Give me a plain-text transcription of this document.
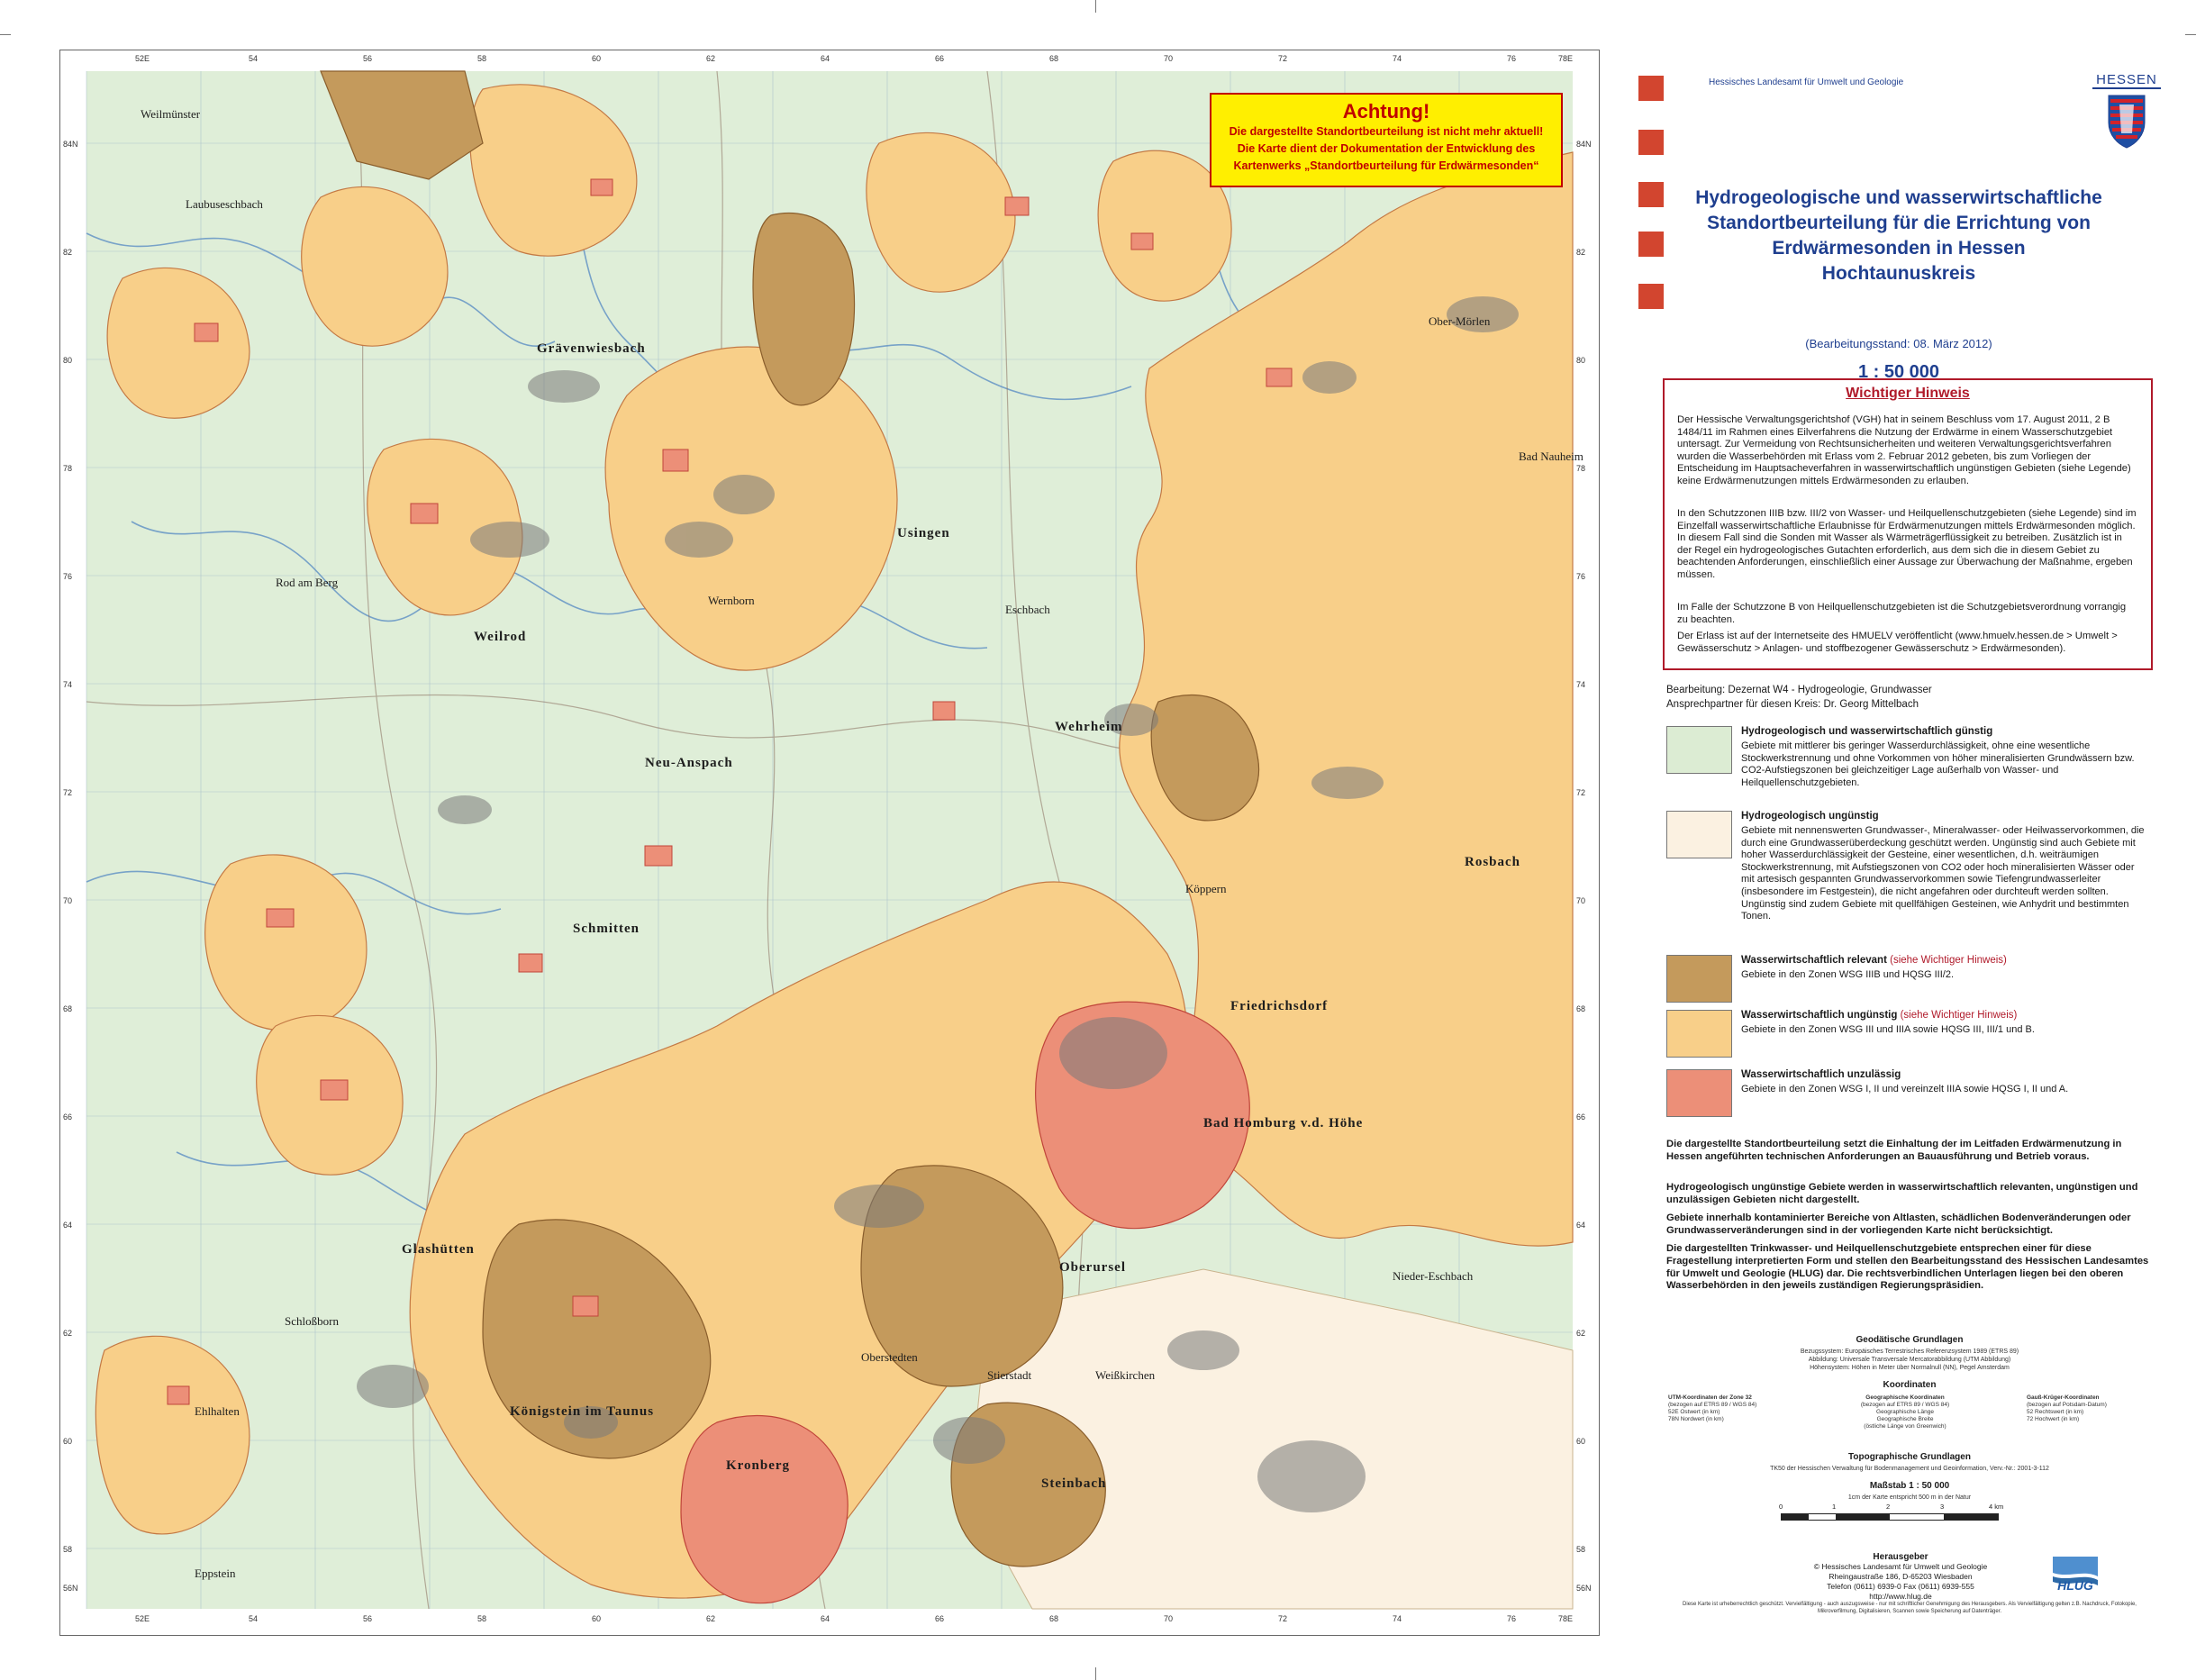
Grävenwiesbach
Weilrod
Usingen
Neu-Anspach
Wehrheim
Schmitten
Friedrichsdorf
Bad Homburg v.d. Höhe
Oberursel
Königstein im Taunus
Kronberg
Steinbach
Glashütten
Rosbach
Weilmünster
Laubuseschbach
Ober-Mörlen
Bad Nauheim
Eschbach
Rod am Berg
Wernborn
Köppern
Oberstedten
Stierstadt	Weißkirchen
Nieder-Eschbach
Eppstein
Ehlhalten
Schloßborn
52E	54	56	58	60	62	64	66	68	70	72	74	76	78E
52E	54	56	58	60	62	64	66	68	70	72	74	76	78E
84N
82
80
78
76
74
72
70
68
66
64
62
60
58
56N
84N
82
80
78
76
74
72
70
68
66
64
62
60
58
56N
Achtung!
Die dargestellte Standortbeurteilung ist nicht mehr aktuell!
Die Karte dient der Dokumentation der Entwicklung des
Kartenwerks „Standortbeurteilung für Erdwärmesonden“
Hessisches Landesamt für Umwelt und Geologie	HESSEN
Hydrogeologische und wasserwirtschaftliche
Standortbeurteilung für die Errichtung von
Erdwärmesonden in Hessen
Hochtaunuskreis
(Bearbeitungsstand: 08. März 2012)
1 : 50 000
Wichtiger Hinweis
Der Hessische Verwaltungsgerichtshof (VGH) hat in seinem Beschluss vom 17. August 2011, 2 B 1484/11 im Rahmen eines Eilverfahrens die Nutzung der Erdwärme in einem Wasserschutzgebiet untersagt. Zur Vermeidung von Rechtsunsicherheiten und weiteren Verwaltungsgerichtsverfahren wurden die Wasserbehörden mit Erlass vom 2. Februar 2012 gebeten, bis zum Vorliegen der Entscheidung im Hauptsacheverfahren in wasserwirtschaftlich ungünstigen Gebieten (siehe Legende) keine Erdwärmenutzungen mittels Erdwärmesonden zu erlauben.
In den Schutzzonen IIIB bzw. III/2 von Wasser- und Heilquellenschutzgebieten (siehe Legende) sind im Einzelfall wasserwirtschaftliche Erlaubnisse für Erdwärmenutzungen mittels Erdwärmesonden möglich. In diesem Fall sind die Sonden mit Wasser als Wärmeträgerflüssigkeit zu betreiben. Zusätzlich ist in der Regel ein hydrogeologisches Gutachten erforderlich, aus dem sich die in diesem Gebiet zu beachtenden Anforderungen, einschließlich einer Aussage zur Überwachung der Maßnahme, ergeben müssen.
Im Falle der Schutzzone B von Heilquellenschutzgebieten ist die Schutzgebietsverordnung vorrangig zu beachten.
Der Erlass ist auf der Internetseite des HMUELV veröffentlicht (www.hmuelv.hessen.de > Umwelt > Gewässerschutz > Anlagen- und stoffbezogener Gewässerschutz > Erdwärmesonden).
Bearbeitung: Dezernat W4 - Hydrogeologie, Grundwasser
Ansprechpartner für diesen Kreis: Dr. Georg Mittelbach
Hydrogeologisch und wasserwirtschaftlich günstig
Gebiete mit mittlerer bis geringer Wasserdurchlässigkeit, ohne eine wesentliche Stockwerkstrennung und ohne Vorkommen von höher mineralisierten Grundwässern bzw. CO2-Aufstiegszonen bei gleichzeitiger Lage außerhalb von Wasser- und Heilquellenschutzgebieten.
Hydrogeologisch ungünstig
Gebiete mit nennenswerten Grundwasser-, Mineralwasser- oder Heilwasservorkommen, die durch eine Grundwasserüberdeckung geschützt werden. Ungünstig sind auch Gebiete mit hoher Wasserdurchlässigkeit der Gesteine, einer wesentlichen, d.h. weiträumigen Stockwerkstrennung, mit Aufstiegszonen von CO2 oder hoch mineralisierten Wässer oder mit artesisch gespannten Grundwasservorkommen sowie Tiefengrundwasserleiter (insbesondere im Festgestein), die nicht angefahren oder durchteuft werden sollten. Ungünstig sind zudem Gebiete mit quellfähigen Gesteinen, wie Anhydrit und bestimmten Tonen.
Wasserwirtschaftlich relevant (siehe Wichtiger Hinweis)
Gebiete in den Zonen WSG IIIB und HQSG III/2.
Wasserwirtschaftlich ungünstig (siehe Wichtiger Hinweis)
Gebiete in den Zonen WSG III und IIIA sowie HQSG III, III/1 und B.
Wasserwirtschaftlich unzulässig
Gebiete in den Zonen WSG I, II und vereinzelt IIIA sowie HQSG I, II und A.
Die dargestellte Standortbeurteilung setzt die Einhaltung der im Leitfaden Erdwärmenutzung in Hessen angeführten technischen Anforderungen an Bauausführung und Betrieb voraus.
Hydrogeologisch ungünstige Gebiete werden in wasserwirtschaftlich relevanten, ungünstigen und unzulässigen Gebieten nicht dargestellt.
Gebiete innerhalb kontaminierter Bereiche von Altlasten, schädlichen Bodenveränderungen oder Grundwasserveränderungen sind in der vorliegenden Karte nicht berücksichtigt.
Die dargestellten Trinkwasser- und Heilquellenschutzgebiete entsprechen einer für diese Fragestellung interpretierten Form und stellen den Bearbeitungsstand des Hessischen Landesamtes für Umwelt und Geologie (HLUG) dar. Die rechtsverbindlichen Unterlagen liegen bei den oberen Wasserbehörden in den jeweils zuständigen Regierungspräsidien.
Geodätische Grundlagen
Bezugssystem: Europäisches Terrestrisches Referenzsystem 1989 (ETRS 89)
Abbildung: Universale Transversale Mercatorabbildung (UTM Abbildung)
Höhensystem: Höhen in Meter über Normalnull (NN), Pegel Amsterdam
Koordinaten
UTM-Koordinaten der Zone 32
(bezogen auf ETRS 89 / WGS 84)
52E Ostwert (in km)
78N Nordwert (in km)
Geographische Koordinaten
(bezogen auf ETRS 89 / WGS 84)
Geographische Länge
Geographische Breite
(östliche Länge von Greenwich)
Gauß-Krüger-Koordinaten
(bezogen auf Potsdam-Datum)
52 Rechtswert (in km)
72 Hochwert (in km)
Topographische Grundlagen
TK50 der Hessischen Verwaltung für Bodenmanagement und Geoinformation, Verv.-Nr.: 2001-3-112
Maßstab 1 : 50 000
1cm der Karte entspricht 500 m in der Natur
0	1	2	3	4 km
Herausgeber
© Hessisches Landesamt für Umwelt und Geologie
Rheingaustraße 186, D-65203 Wiesbaden
Telefon (0611) 6939-0 Fax (0611) 6939-555
http://www.hlug.de
HLUG
Diese Karte ist urheberrechtlich geschützt. Vervielfältigung - auch auszugsweise - nur mit schriftlicher Genehmigung des Herausgebers. Als Vervielfältigung gelten z.B. Nachdruck, Fotokopie, Mikroverfilmung, Digitalisieren, Scannen sowie Speicherung auf Datenträger.
